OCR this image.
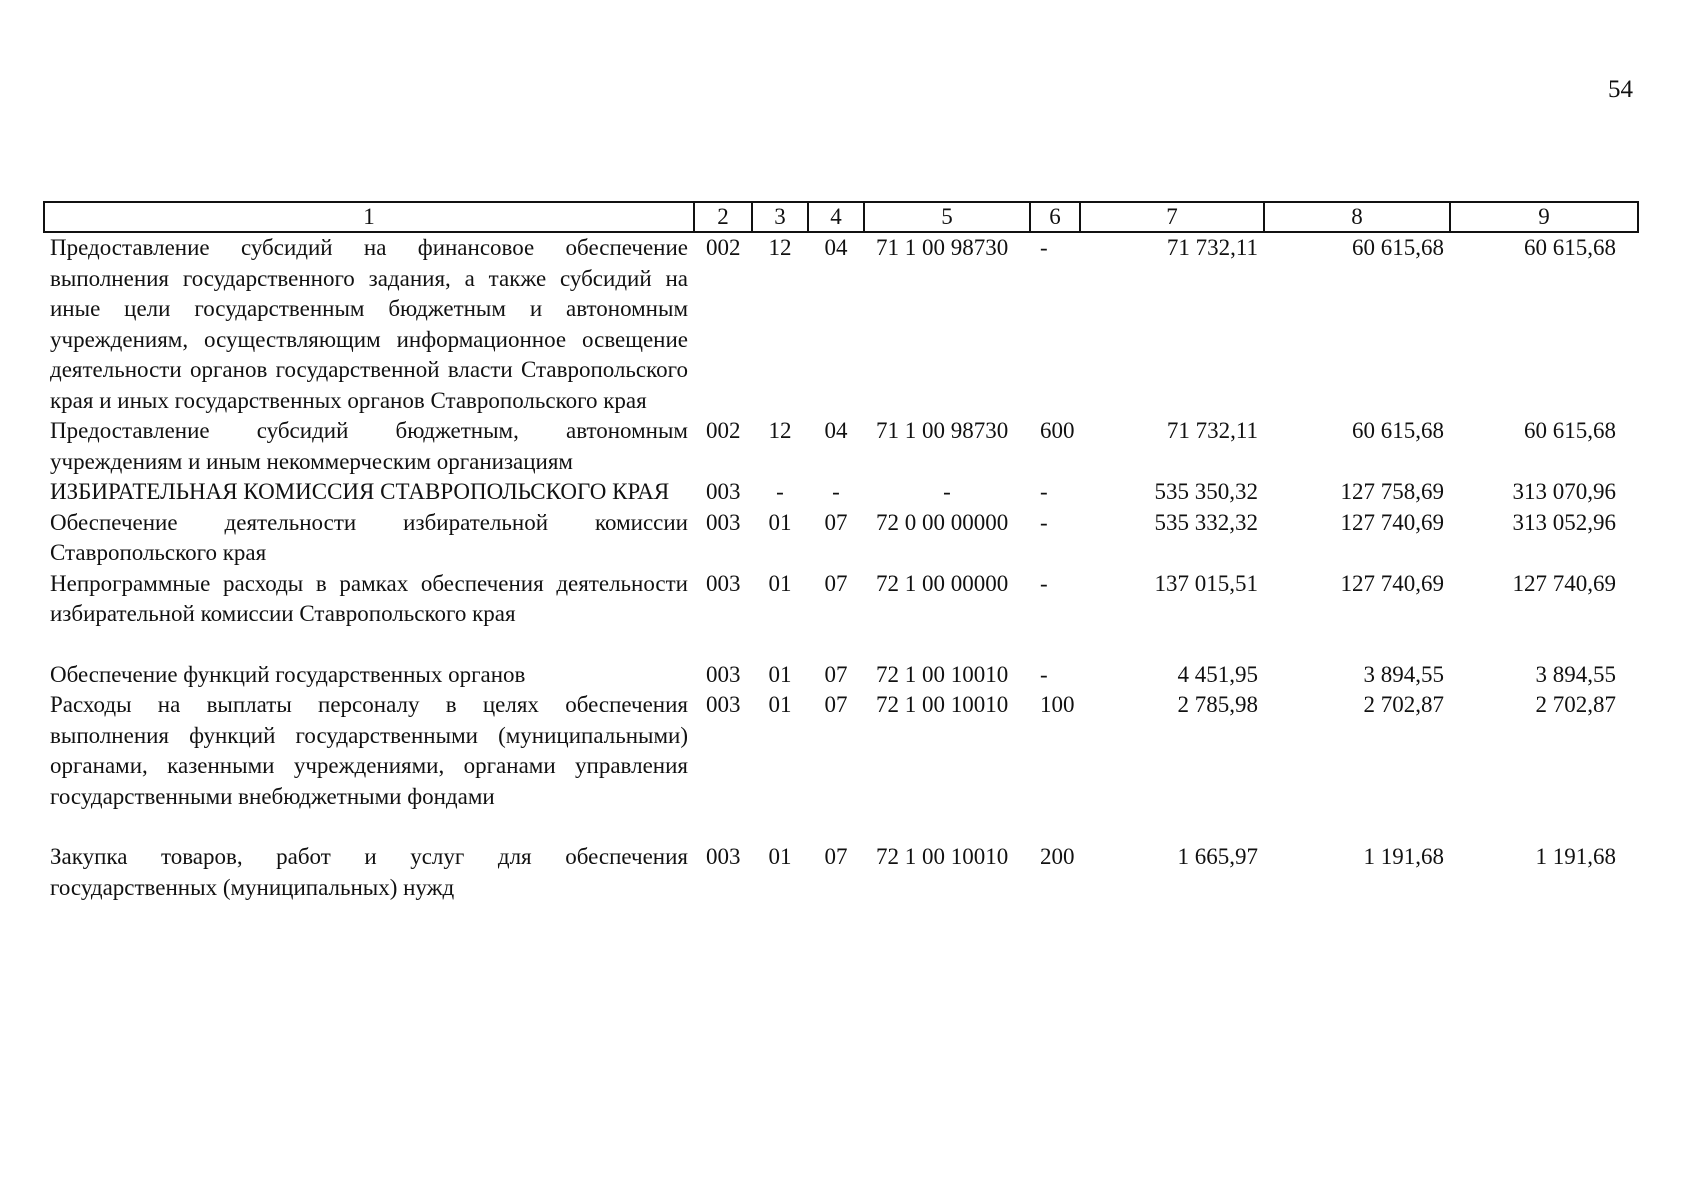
54
1	2	3	4	5	6	7	8	9
Предоставление субсидий на финансовое обеспечение выполнения государственного задания, а также субсидий на иные цели государственным бюджетным и автономным учреждениям, осуществляющим информационное освещение деятельности органов государственной власти Ставропольского края и иных государственных органов Ставропольского края	002	12	04	71 1 00 98730	-	71 732,11	60 615,68	60 615,68
Предоставление субсидий бюджетным, автономным учреждениям и иным некоммерческим организациям	002	12	04	71 1 00 98730	600	71 732,11	60 615,68	60 615,68
ИЗБИРАТЕЛЬНАЯ КОМИССИЯ СТАВРОПОЛЬСКОГО КРАЯ	003	-	-	-	-	535 350,32	127 758,69	313 070,96
Обеспечение деятельности избирательной комиссии Ставропольского края	003	01	07	72 0 00 00000	-	535 332,32	127 740,69	313 052,96
Непрограммные расходы в рамках обеспечения деятельности избирательной комиссии Ставропольского края	003	01	07	72 1 00 00000	-	137 015,51	127 740,69	127 740,69

Обеспечение функций государственных органов	003	01	07	72 1 00 10010	-	4 451,95	3 894,55	3 894,55
Расходы на выплаты персоналу в целях обеспечения выполнения функций государственными (муниципальными) органами, казенными учреждениями, органами управления государственными внебюджетными фондами	003	01	07	72 1 00 10010	100	2 785,98	2 702,87	2 702,87

Закупка товаров, работ и услуг для обеспечения государственных (муниципальных) нужд	003	01	07	72 1 00 10010	200	1 665,97	1 191,68	1 191,68
